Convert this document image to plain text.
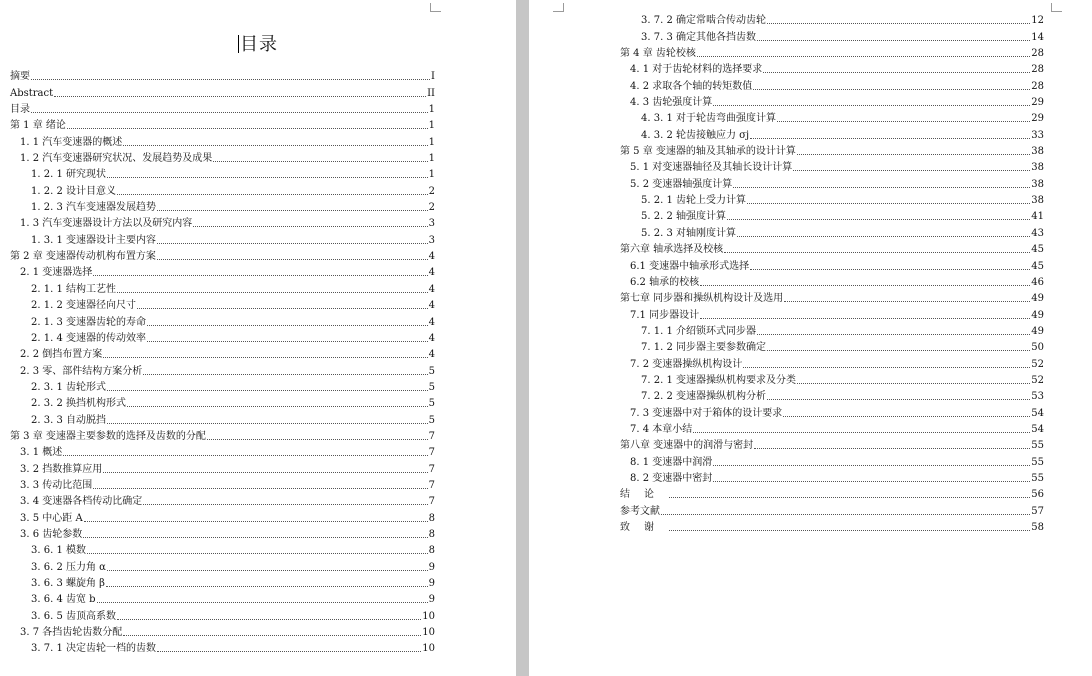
目录
摘要	I
Abstract	II
目录	1
第 1 章 绪论	1
1. 1 汽车变速器的概述	1
1. 2 汽车变速器研究状况、发展趋势及成果	1
1. 2. 1 研究现状	1
1. 2. 2 设计目意义	2
1. 2. 3 汽车变速器发展趋势	2
1. 3 汽车变速器设计方法以及研究内容	3
1. 3. 1 变速器设计主要内容	3
第 2 章 变速器传动机构布置方案	4
2. 1 变速器选择	4
2. 1. 1 结构工艺性	4
2. 1. 2 变速器径向尺寸	4
2. 1. 3 变速器齿轮的寿命	4
2. 1. 4 变速器的传动效率	4
2. 2 倒挡布置方案	4
2. 3 零、部件结构方案分析	5
2. 3. 1 齿轮形式	5
2. 3. 2 换挡机构形式	5
2. 3. 3 自动脱挡	5
第 3 章 变速器主要参数的选择及齿数的分配	7
3. 1 概述	7
3. 2 挡数推算应用	7
3. 3 传动比范围	7
3. 4 变速器各档传动比确定	7
3. 5 中心距 A	8
3. 6 齿轮参数	8
3. 6. 1 模数	8
3. 6. 2 压力角 α	9
3. 6. 3 螺旋角 β	9
3. 6. 4 齿宽 b	9
3. 6. 5 齿顶高系数	10
3. 7 各挡齿轮齿数分配	10
3. 7. 1 决定齿轮一档的齿数	10
3. 7. 2 确定常啮合传动齿轮	12
3. 7. 3 确定其他各挡齿数	14
第 4 章 齿轮校核	28
4. 1 对于齿轮材料的选择要求	28
4. 2 求取各个轴的转矩数值	28
4. 3 齿轮强度计算	29
4. 3. 1 对于轮齿弯曲强度计算	29
4. 3. 2 轮齿接触应力 σj	33
第 5 章 变速器的轴及其轴承的设计计算	38
5. 1 对变速器轴径及其轴长设计计算	38
5. 2 变速器轴强度计算	38
5. 2. 1 齿轮上受力计算	38
5. 2. 2 轴强度计算	41
5. 2. 3 对轴刚度计算	43
第六章 轴承选择及校核	45
6.1 变速器中轴承形式选择	45
6.2 轴承的校核	46
第七章 同步器和操纵机构设计及选用	49
7.1 同步器设计	49
7. 1. 1 介绍锁环式同步器	49
7. 1. 2 同步器主要参数确定	50
7. 2 变速器操纵机构设计	52
7. 2. 1 变速器操纵机构要求及分类	52
7. 2. 2 变速器操纵机构分析	53
7. 3 变速器中对于箱体的设计要求	54
7. 4 本章小结	54
第八章 变速器中的润滑与密封	55
8. 1 变速器中润滑	55
8. 2 变速器中密封	55
结论	56
参考文献	57
致谢	58
